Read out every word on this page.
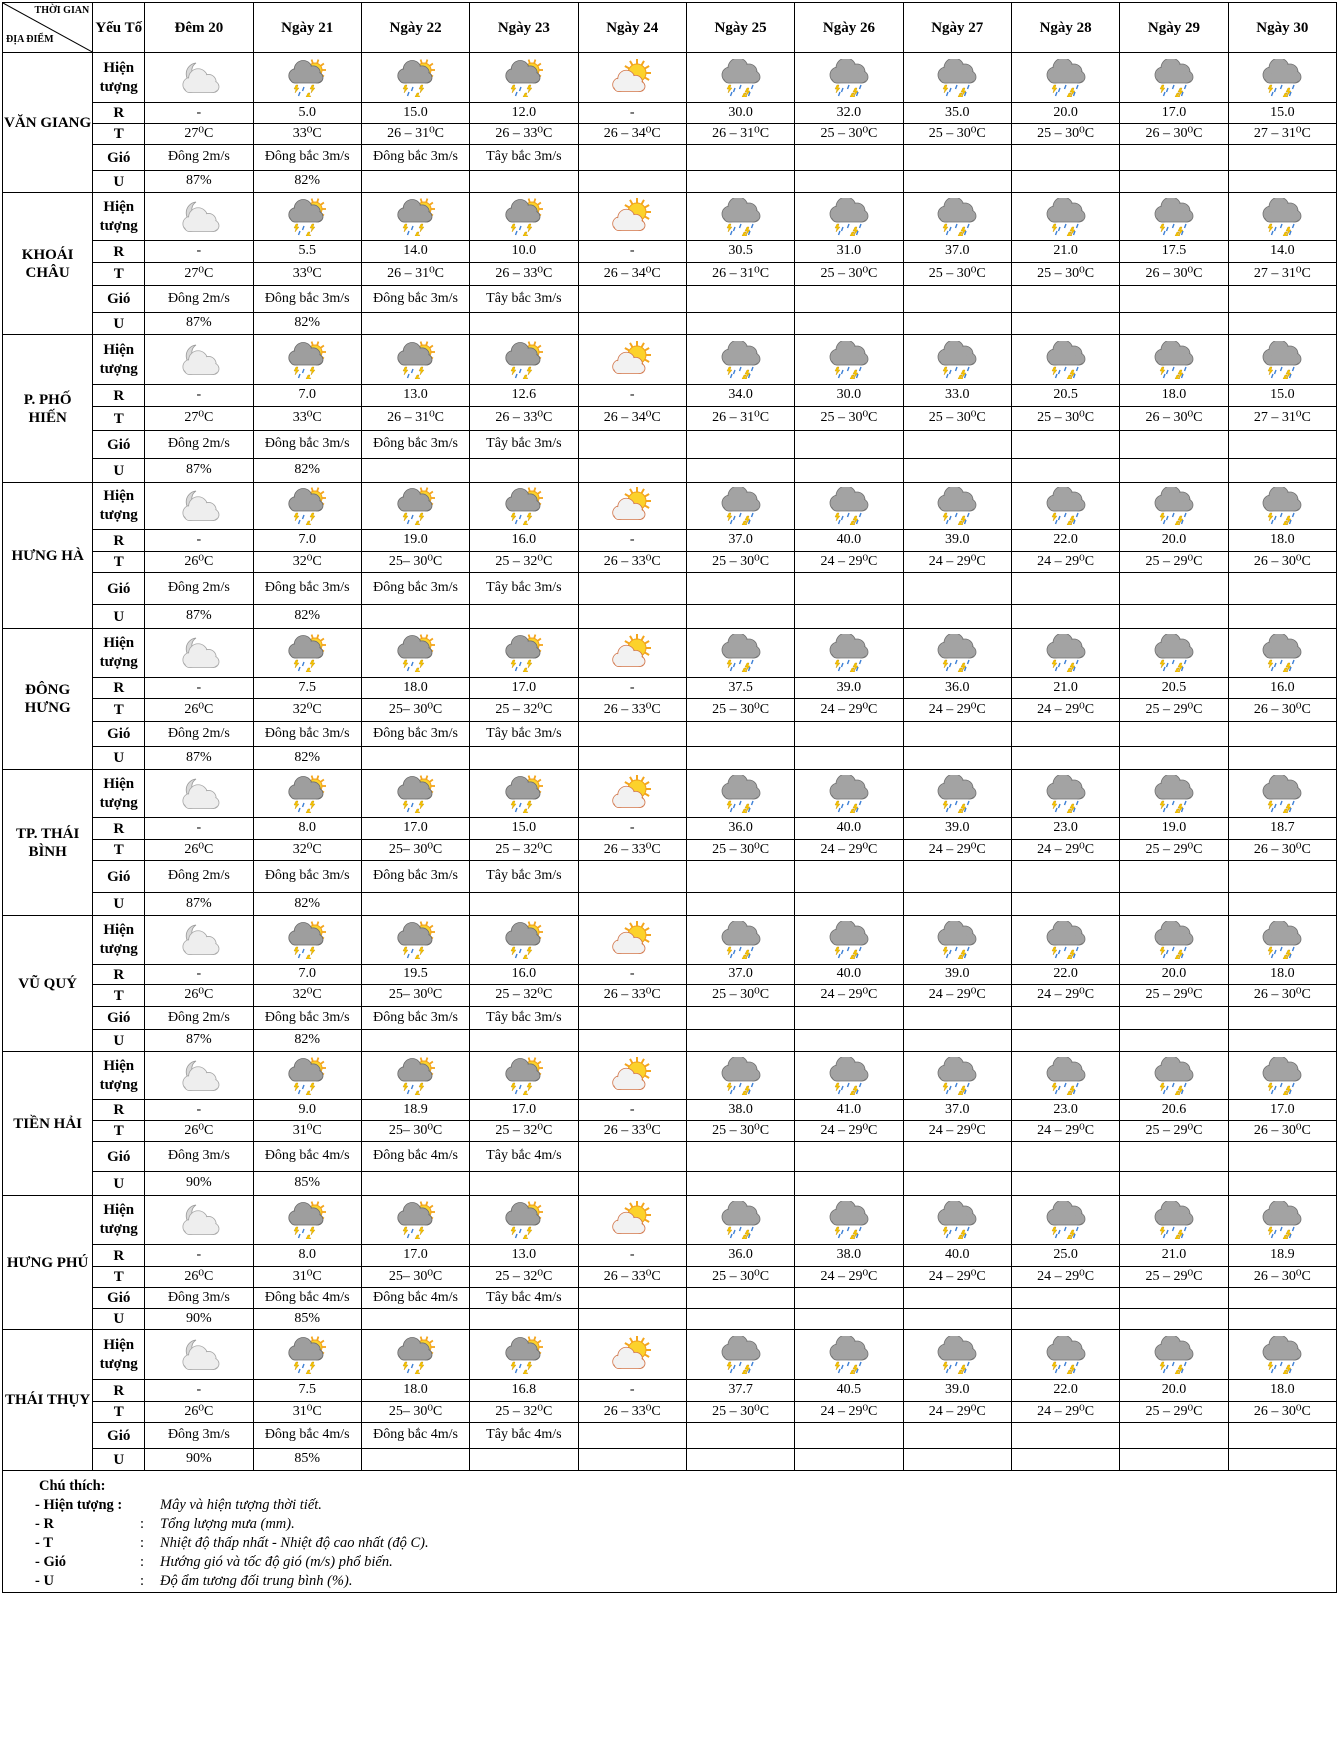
THỜI GIAN
ĐỊA ĐIỂM	Yếu Tố	Đêm 20	Ngày 21	Ngày 22	Ngày 23	Ngày 24	Ngày 25	Ngày 26	Ngày 27	Ngày 28	Ngày 29	Ngày 30
VĂN GIANG	Hiện tượng	

	R	-	5.0	15.0	12.0	-	30.0	32.0	35.0	20.0	17.0	15.0
	T	27⁰C	33⁰C	26 – 31⁰C	26 – 33⁰C	26 – 34⁰C	26 – 31⁰C	25 – 30⁰C	25 – 30⁰C	25 – 30⁰C	26 – 30⁰C	27 – 31⁰C
	Gió	Đông 2m/s	Đông bắc 3m/s	Đông bắc 3m/s	Tây bắc 3m/s							
	U	87%	82%									
KHOÁI CHÂU	Hiện tượng	

	R	-	5.5	14.0	10.0	-	30.5	31.0	37.0	21.0	17.5	14.0
	T	27⁰C	33⁰C	26 – 31⁰C	26 – 33⁰C	26 – 34⁰C	26 – 31⁰C	25 – 30⁰C	25 – 30⁰C	25 – 30⁰C	26 – 30⁰C	27 – 31⁰C
	Gió	Đông 2m/s	Đông bắc 3m/s	Đông bắc 3m/s	Tây bắc 3m/s							
	U	87%	82%									
P. PHỐ HIẾN	Hiện tượng	

	R	-	7.0	13.0	12.6	-	34.0	30.0	33.0	20.5	18.0	15.0
	T	27⁰C	33⁰C	26 – 31⁰C	26 – 33⁰C	26 – 34⁰C	26 – 31⁰C	25 – 30⁰C	25 – 30⁰C	25 – 30⁰C	26 – 30⁰C	27 – 31⁰C
	Gió	Đông 2m/s	Đông bắc 3m/s	Đông bắc 3m/s	Tây bắc 3m/s							
	U	87%	82%									
HƯNG HÀ	Hiện tượng	

	R	-	7.0	19.0	16.0	-	37.0	40.0	39.0	22.0	20.0	18.0
	T	26⁰C	32⁰C	25– 30⁰C	25 – 32⁰C	26 – 33⁰C	25 – 30⁰C	24 – 29⁰C	24 – 29⁰C	24 – 29⁰C	25 – 29⁰C	26 – 30⁰C
	Gió	Đông 2m/s	Đông bắc 3m/s	Đông bắc 3m/s	Tây bắc 3m/s							
	U	87%	82%									
ĐÔNG HƯNG	Hiện tượng	

	R	-	7.5	18.0	17.0	-	37.5	39.0	36.0	21.0	20.5	16.0
	T	26⁰C	32⁰C	25– 30⁰C	25 – 32⁰C	26 – 33⁰C	25 – 30⁰C	24 – 29⁰C	24 – 29⁰C	24 – 29⁰C	25 – 29⁰C	26 – 30⁰C
	Gió	Đông 2m/s	Đông bắc 3m/s	Đông bắc 3m/s	Tây bắc 3m/s							
	U	87%	82%									
TP. THÁI BÌNH	Hiện tượng	

	R	-	8.0	17.0	15.0	-	36.0	40.0	39.0	23.0	19.0	18.7
	T	26⁰C	32⁰C	25– 30⁰C	25 – 32⁰C	26 – 33⁰C	25 – 30⁰C	24 – 29⁰C	24 – 29⁰C	24 – 29⁰C	25 – 29⁰C	26 – 30⁰C
	Gió	Đông 2m/s	Đông bắc 3m/s	Đông bắc 3m/s	Tây bắc 3m/s							
	U	87%	82%									
VŨ QUÝ	Hiện tượng	

	R	-	7.0	19.5	16.0	-	37.0	40.0	39.0	22.0	20.0	18.0
	T	26⁰C	32⁰C	25– 30⁰C	25 – 32⁰C	26 – 33⁰C	25 – 30⁰C	24 – 29⁰C	24 – 29⁰C	24 – 29⁰C	25 – 29⁰C	26 – 30⁰C
	Gió	Đông 2m/s	Đông bắc 3m/s	Đông bắc 3m/s	Tây bắc 3m/s							
	U	87%	82%									
TIỀN HẢI	Hiện tượng	

	R	-	9.0	18.9	17.0	-	38.0	41.0	37.0	23.0	20.6	17.0
	T	26⁰C	31⁰C	25– 30⁰C	25 – 32⁰C	26 – 33⁰C	25 – 30⁰C	24 – 29⁰C	24 – 29⁰C	24 – 29⁰C	25 – 29⁰C	26 – 30⁰C
	Gió	Đông 3m/s	Đông bắc 4m/s	Đông bắc 4m/s	Tây bắc 4m/s							
	U	90%	85%									
HƯNG PHÚ	Hiện tượng	

	R	-	8.0	17.0	13.0	-	36.0	38.0	40.0	25.0	21.0	18.9
	T	26⁰C	31⁰C	25– 30⁰C	25 – 32⁰C	26 – 33⁰C	25 – 30⁰C	24 – 29⁰C	24 – 29⁰C	24 – 29⁰C	25 – 29⁰C	26 – 30⁰C
	Gió	Đông 3m/s	Đông bắc 4m/s	Đông bắc 4m/s	Tây bắc 4m/s							
	U	90%	85%									
THÁI THỤY	Hiện tượng	

	R	-	7.5	18.0	16.8	-	37.7	40.5	39.0	22.0	20.0	18.0
	T	26⁰C	31⁰C	25– 30⁰C	25 – 32⁰C	26 – 33⁰C	25 – 30⁰C	24 – 29⁰C	24 – 29⁰C	24 – 29⁰C	25 – 29⁰C	26 – 30⁰C
	Gió	Đông 3m/s	Đông bắc 4m/s	Đông bắc 4m/s	Tây bắc 4m/s							
	U	90%	85%									
Chú thích:
- Hiện tượng :	Mây và hiện tượng thời tiết.
- R	:	Tổng lượng mưa (mm).
- T	:	Nhiệt độ thấp nhất - Nhiệt độ cao nhất (độ C).
- Gió	:	Hướng gió và tốc độ gió (m/s) phổ biến.
- U	:	Độ ẩm tương đối trung bình (%).
